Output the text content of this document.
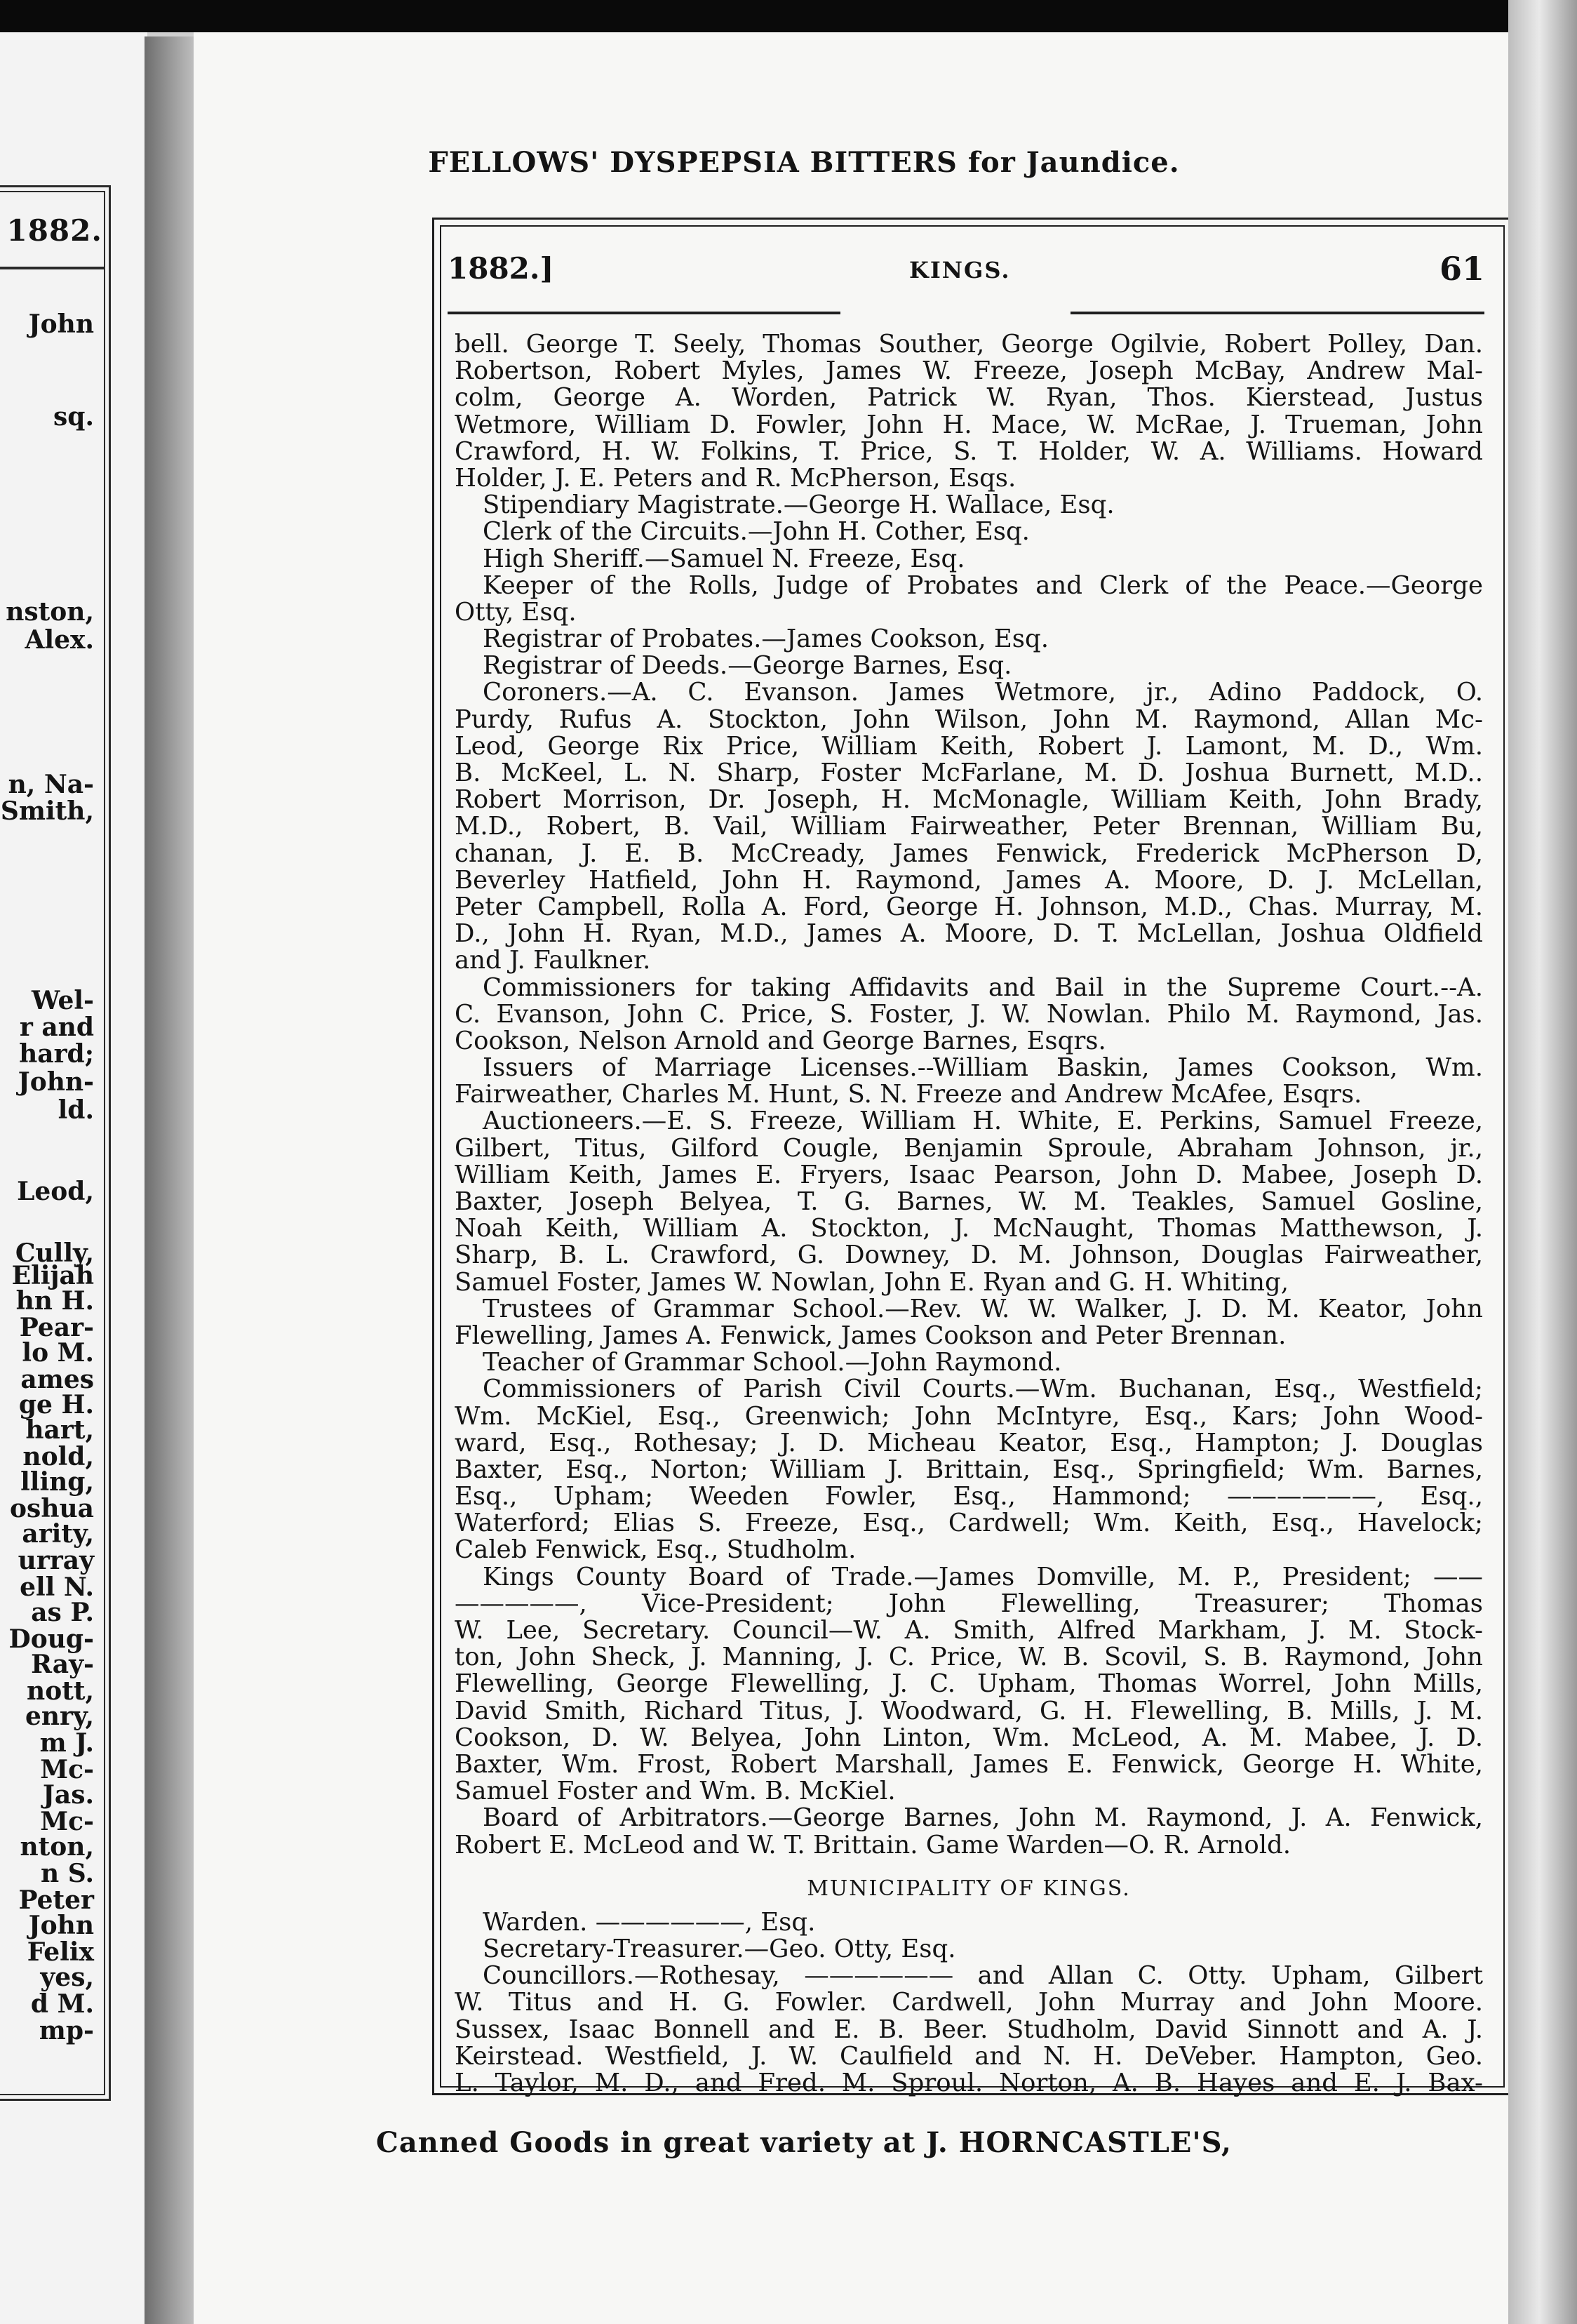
1882.
John
sq.
nston,
Alex.
n, Na-
Smith,
Wel-
r and
hard;
John-
ld.
Leod,
Cully,
Elijah
hn H.
Pear-
lo M.
ames
ge H.
hart,
nold,
lling,
oshua
arity,
urray
ell N.
as P.
Doug-
Ray-
nott,
enry,
m J.
Mc-
Jas.
Mc-
nton,
n S.
Peter
John
Felix
yes,
d M.
mp-
FELLOWS' DYSPEPSIA BITTERS for Jaundice.
1882.]	KINGS.	61
bell. George T. Seely, Thomas Souther, George Ogilvie, Robert Polley, Dan.
Robertson, Robert Myles, James W. Freeze, Joseph McBay, Andrew Mal-
colm, George A. Worden, Patrick W. Ryan, Thos. Kierstead, Justus
Wetmore, William D. Fowler, John H. Mace, W. McRae, J. Trueman, John
Crawford, H. W. Folkins, T. Price, S. T. Holder, W. A. Williams. Howard
Holder, J. E. Peters and R. McPherson, Esqs.
Stipendiary Magistrate.—George H. Wallace, Esq.
Clerk of the Circuits.—John H. Cother, Esq.
High Sheriff.—Samuel N. Freeze, Esq.
Keeper of the Rolls, Judge of Probates and Clerk of the Peace.—George
Otty, Esq.
Registrar of Probates.—James Cookson, Esq.
Registrar of Deeds.—George Barnes, Esq.
Coroners.—A. C. Evanson. James Wetmore, jr., Adino Paddock, O.
Purdy, Rufus A. Stockton, John Wilson, John M. Raymond, Allan Mc-
Leod, George Rix Price, William Keith, Robert J. Lamont, M. D., Wm.
B. McKeel, L. N. Sharp, Foster McFarlane, M. D. Joshua Burnett, M.D..
Robert Morrison, Dr. Joseph, H. McMonagle, William Keith, John Brady,
M.D., Robert, B. Vail, William Fairweather, Peter Brennan, William Bu,
chanan, J. E. B. McCready, James Fenwick, Frederick McPherson D,
Beverley Hatfield, John H. Raymond, James A. Moore, D. J. McLellan,
Peter Campbell, Rolla A. Ford, George H. Johnson, M.D., Chas. Murray, M.
D., John H. Ryan, M.D., James A. Moore, D. T. McLellan, Joshua Oldfield
and J. Faulkner.
Commissioners for taking Affidavits and Bail in the Supreme Court.--A.
C. Evanson, John C. Price, S. Foster, J. W. Nowlan. Philo M. Raymond, Jas.
Cookson, Nelson Arnold and George Barnes, Esqrs.
Issuers of Marriage Licenses.--William Baskin, James Cookson, Wm.
Fairweather, Charles M. Hunt, S. N. Freeze and Andrew McAfee, Esqrs.
Auctioneers.—E. S. Freeze, William H. White, E. Perkins, Samuel Freeze,
Gilbert, Titus, Gilford Cougle, Benjamin Sproule, Abraham Johnson, jr.,
William Keith, James E. Fryers, Isaac Pearson, John D. Mabee, Joseph D.
Baxter, Joseph Belyea, T. G. Barnes, W. M. Teakles, Samuel Gosline,
Noah Keith, William A. Stockton, J. McNaught, Thomas Matthewson, J.
Sharp, B. L. Crawford, G. Downey, D. M. Johnson, Douglas Fairweather,
Samuel Foster, James W. Nowlan, John E. Ryan and G. H. Whiting,
Trustees of Grammar School.—Rev. W. W. Walker, J. D. M. Keator, John
Flewelling, James A. Fenwick, James Cookson and Peter Brennan.
Teacher of Grammar School.—John Raymond.
Commissioners of Parish Civil Courts.—Wm. Buchanan, Esq., Westfield;
Wm. McKiel, Esq., Greenwich; John McIntyre, Esq., Kars; John Wood-
ward, Esq., Rothesay; J. D. Micheau Keator, Esq., Hampton; J. Douglas
Baxter, Esq., Norton; William J. Brittain, Esq., Springfield; Wm. Barnes,
Esq., Upham; Weeden Fowler, Esq., Hammond; ——————, Esq.,
Waterford; Elias S. Freeze, Esq., Cardwell; Wm. Keith, Esq., Havelock;
Caleb Fenwick, Esq., Studholm.
Kings County Board of Trade.—James Domville, M. P., President; ——
—————, Vice-President; John Flewelling, Treasurer; Thomas
W. Lee, Secretary. Council—W. A. Smith, Alfred Markham, J. M. Stock-
ton, John Sheck, J. Manning, J. C. Price, W. B. Scovil, S. B. Raymond, John
Flewelling, George Flewelling, J. C. Upham, Thomas Worrel, John Mills,
David Smith, Richard Titus, J. Woodward, G. H. Flewelling, B. Mills, J. M.
Cookson, D. W. Belyea, John Linton, Wm. McLeod, A. M. Mabee, J. D.
Baxter, Wm. Frost, Robert Marshall, James E. Fenwick, George H. White,
Samuel Foster and Wm. B. McKiel.
Board of Arbitrators.—George Barnes, John M. Raymond, J. A. Fenwick,
Robert E. McLeod and W. T. Brittain. Game Warden—O. R. Arnold.
MUNICIPALITY OF KINGS.
Warden. ——————, Esq.
Secretary-Treasurer.—Geo. Otty, Esq.
Councillors.—Rothesay, —————— and Allan C. Otty. Upham, Gilbert
W. Titus and H. G. Fowler. Cardwell, John Murray and John Moore.
Sussex, Isaac Bonnell and E. B. Beer. Studholm, David Sinnott and A. J.
Keirstead. Westfield, J. W. Caulfield and N. H. DeVeber. Hampton, Geo.
L. Taylor, M. D., and Fred. M. Sproul. Norton, A. B. Hayes and E. J. Bax-
Canned Goods in great variety at J. HORNCASTLE'S,
